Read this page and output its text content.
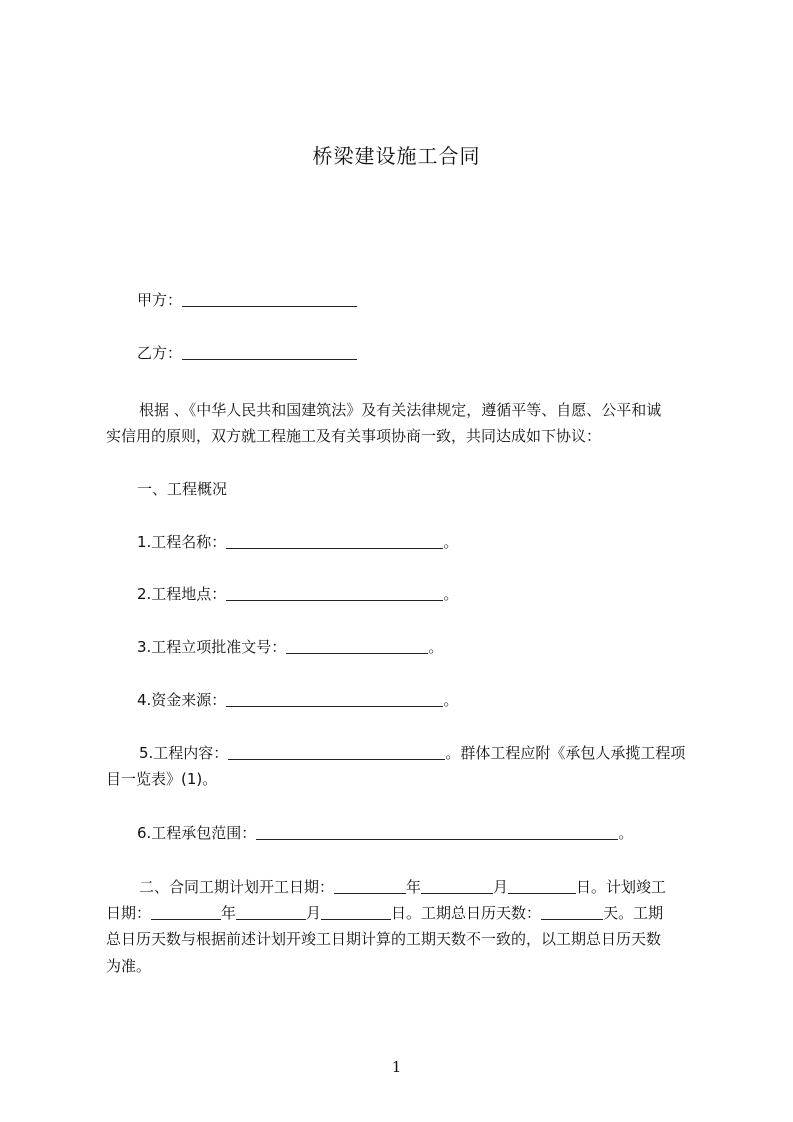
桥梁建设施工合同
甲方：
乙方：
根据 、《中华人民共和国建筑法》及有关法律规定，遵循平等、自愿、公平和诚
实信用的原则，双方就工程施工及有关事项协商一致，共同达成如下协议：
一、工程概况
1.工程名称：	。
2.工程地点：	。
3.工程立项批准文号：	。
4.资金来源：	。
5.工程内容：	。群体工程应附《承包人承揽工程项
目一览表》(1)。
6.工程承包范围：	。
二、合同工期计划开工日期：	年	月	日。计划竣工
日期：	年	月	日。工期总日历天数：	天。工期
总日历天数与根据前述计划开竣工日期计算的工期天数不一致的，以工期总日历天数
为准。
1
